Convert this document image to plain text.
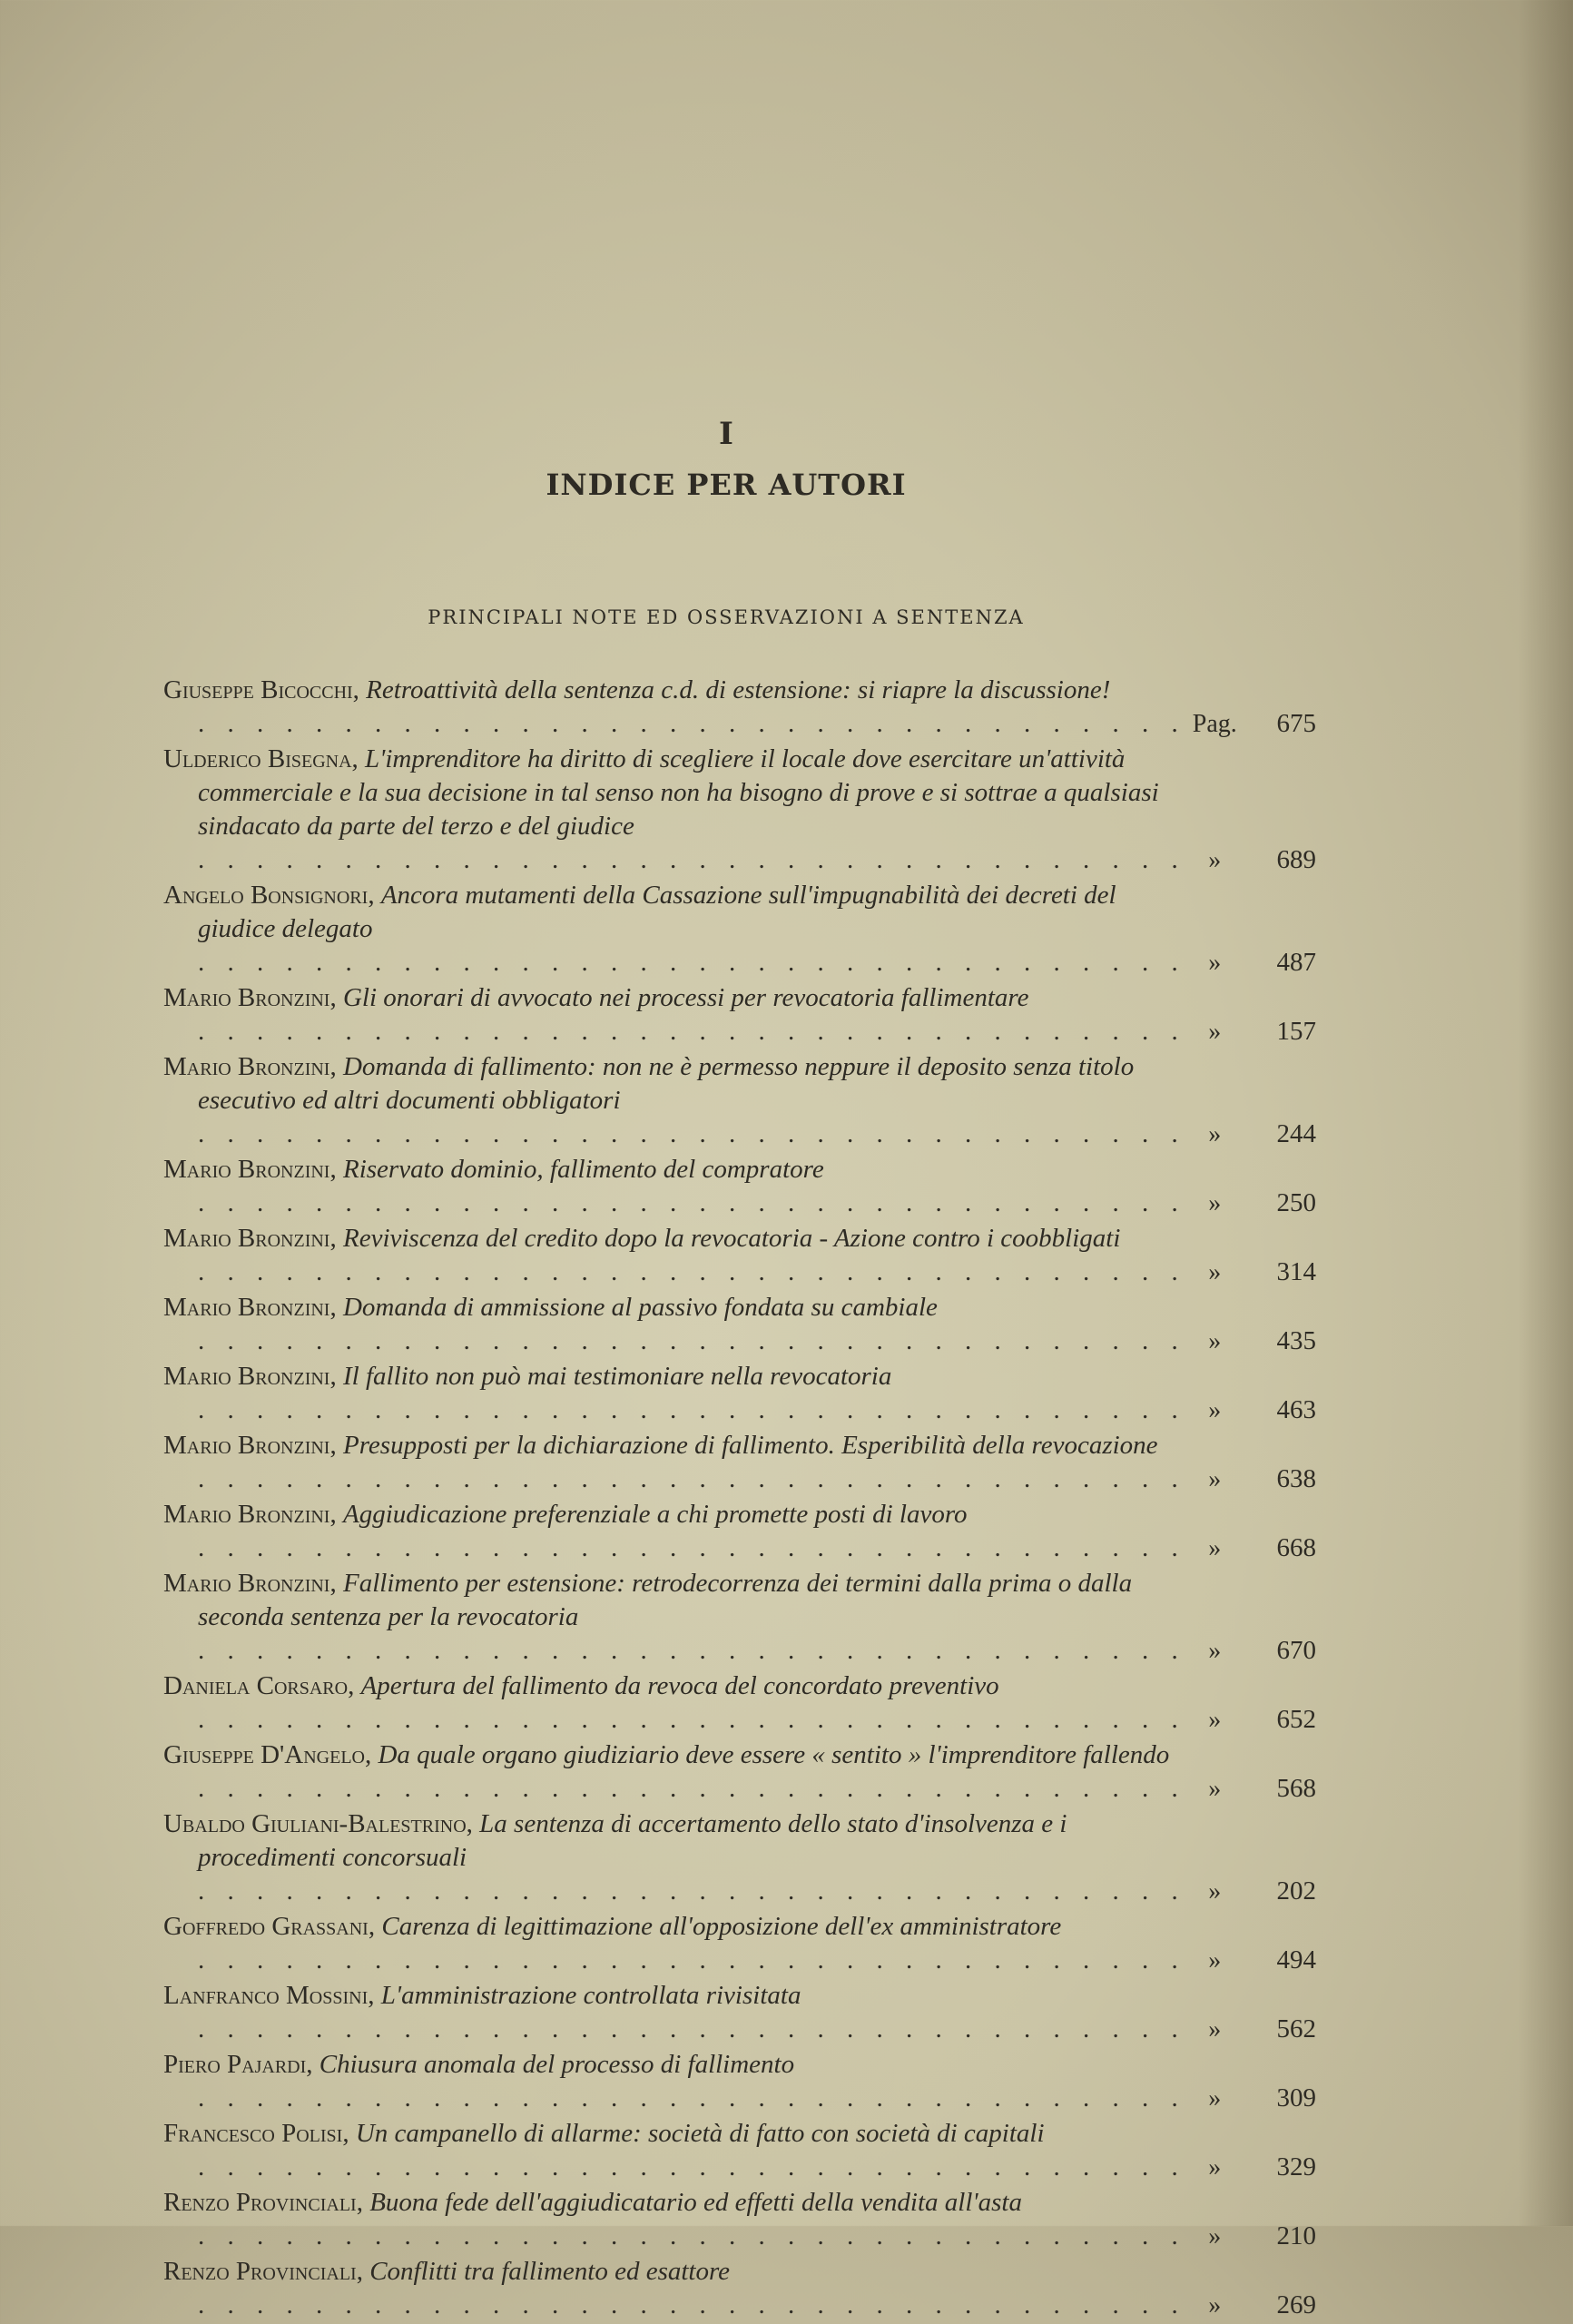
I
INDICE PER AUTORI
PRINCIPALI NOTE ED OSSERVAZIONI A SENTENZA
Giuseppe Bicocchi, Retroattività della sentenza c.d. di estensione: si riapre la discussione! . . .
Pag.	675
Ulderico Bisegna, L'imprenditore ha diritto di scegliere il locale dove esercitare un'attività commerciale e la sua decisione in tal senso non ha bisogno di prove e si sottrae a qualsiasi sindacato da parte del terzo e del giudice . . .
»	689
Angelo Bonsignori, Ancora mutamenti della Cassazione sull'impugnabilità dei decreti del giudice delegato . . .
»	487
Mario Bronzini, Gli onorari di avvocato nei processi per revocatoria fallimentare . . .
»	157
Mario Bronzini, Domanda di fallimento: non ne è permesso neppure il deposito senza titolo esecutivo ed altri documenti obbligatori . . .
»	244
Mario Bronzini, Riservato dominio, fallimento del compratore . . .
»	250
Mario Bronzini, Reviviscenza del credito dopo la revocatoria - Azione contro i coobbligati . . .
»	314
Mario Bronzini, Domanda di ammissione al passivo fondata su cambiale . . .
»	435
Mario Bronzini, Il fallito non può mai testimoniare nella revocatoria . . .
»	463
Mario Bronzini, Presupposti per la dichiarazione di fallimento. Esperibilità della revocazione . . .
»	638
Mario Bronzini, Aggiudicazione preferenziale a chi promette posti di lavoro . . .
»	668
Mario Bronzini, Fallimento per estensione: retrodecorrenza dei termini dalla prima o dalla seconda sentenza per la revocatoria . . .
»	670
Daniela Corsaro, Apertura del fallimento da revoca del concordato preventivo . . .
»	652
Giuseppe D'Angelo, Da quale organo giudiziario deve essere « sentito » l'imprenditore fallendo . . .
»	568
Ubaldo Giuliani-Balestrino, La sentenza di accertamento dello stato d'insolvenza e i procedimenti concorsuali . . .
»	202
Goffredo Grassani, Carenza di legittimazione all'opposizione dell'ex amministratore . . .
»	494
Lanfranco Mossini, L'amministrazione controllata rivisitata . . .
»	562
Piero Pajardi, Chiusura anomala del processo di fallimento . . .
»	309
Francesco Polisi, Un campanello di allarme: società di fatto con società di capitali . . .
»	329
Renzo Provinciali, Buona fede dell'aggiudicatario ed effetti della vendita all'asta . . .
»	210
Renzo Provinciali, Conflitti tra fallimento ed esattore . . .
»	269
